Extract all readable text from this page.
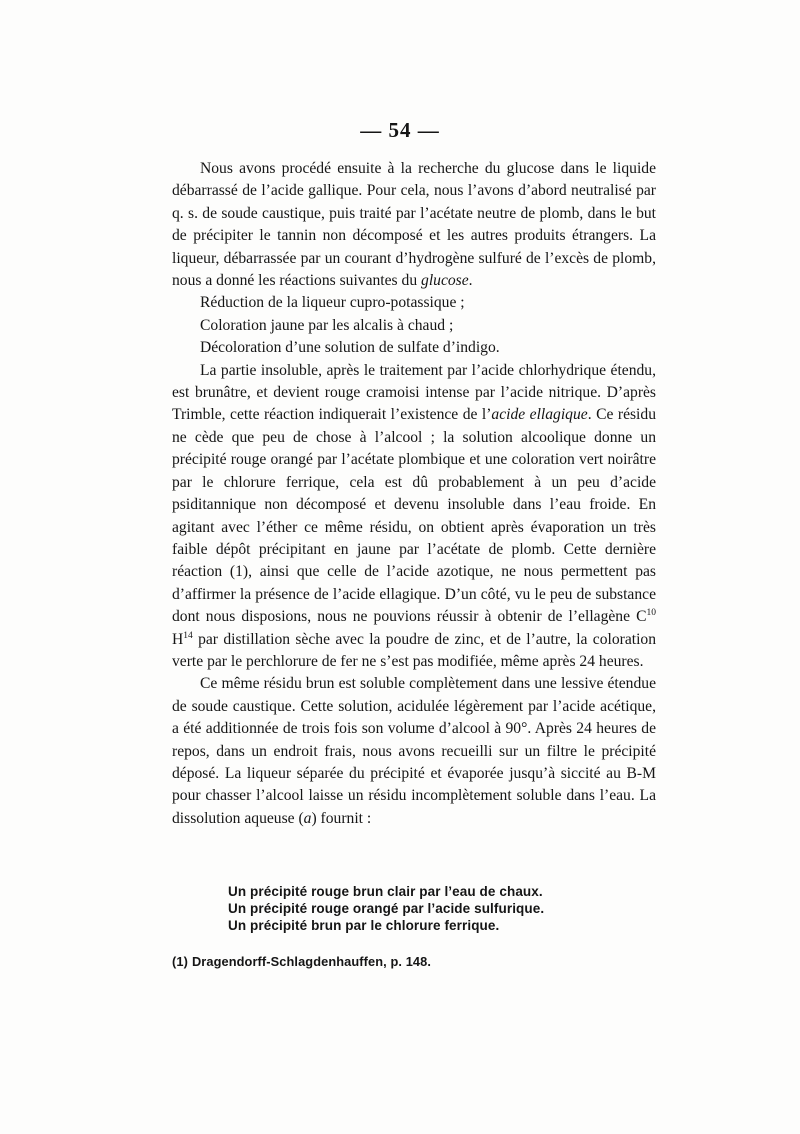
— 54 —

Nous avons procédé ensuite à la recherche du glucose dans le liquide débarrassé de l’acide gallique. Pour cela, nous l’avons d’abord neutralisé par q. s. de soude caustique, puis traité par l’acétate neutre de plomb, dans le but de précipiter le tannin non décomposé et les autres produits étrangers. La liqueur, débarrassée par un courant d’hydrogène sulfuré de l’excès de plomb, nous a donné les réactions suivantes du glucose.

Réduction de la liqueur cupro-potassique ;

Coloration jaune par les alcalis à chaud ;

Décoloration d’une solution de sulfate d’indigo.

La partie insoluble, après le traitement par l’acide chlorhydrique étendu, est brunâtre, et devient rouge cramoisi intense par l’acide nitrique. D’après Trimble, cette réaction indiquerait l’existence de l’acide ellagique. Ce résidu ne cède que peu de chose à l’alcool ; la solution alcoolique donne un précipité rouge orangé par l’acétate plombique et une coloration vert noirâtre par le chlorure ferrique, cela est dû probablement à un peu d’acide psiditannique non décomposé et devenu insoluble dans l’eau froide. En agitant avec l’éther ce même résidu, on obtient après évaporation un très faible dépôt précipitant en jaune par l’acétate de plomb. Cette dernière réaction (1), ainsi que celle de l’acide azotique, ne nous permettent pas d’affirmer la présence de l’acide ellagique. D’un côté, vu le peu de substance dont nous disposions, nous ne pouvions réussir à obtenir de l’ellagène $C^{10}$ $H^{14}$ par distillation sèche avec la poudre de zinc, et de l’autre, la coloration verte par le perchlorure de fer ne s’est pas modifiée, même après 24 heures.

Ce même résidu brun est soluble complètement dans une lessive étendue de soude caustique. Cette solution, acidulée légèrement par l’acide acétique, a été additionnée de trois fois son volume d’alcool à 90°. Après 24 heures de repos, dans un endroit frais, nous avons recueilli sur un filtre le précipité déposé. La liqueur séparée du précipité et évaporée jusqu’à siccité au B-M pour chasser l’alcool laisse un résidu incomplètement soluble dans l’eau. La dissolution aqueuse (a) fournit :

Un précipité rouge brun clair par l’eau de chaux.
Un précipité rouge orangé par l’acide sulfurique.
Un précipité brun par le chlorure ferrique.
(1) Dragendorff-Schlagdenhauffen, p. 148.
